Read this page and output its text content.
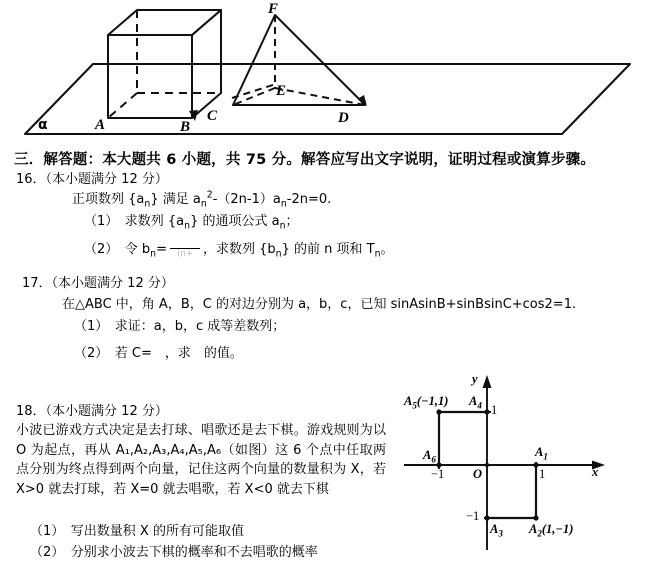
α	A	B
C	D
E
F
三．解答题：本大题共 6 小题，共 75 分。解答应写出文字说明，证明过程或演算步骤。
16．（本小题满分 12 分）
正项数列 $\{a_n\}$ 满足 $a_n^2-(2n-1)a_n-2n=0$.
（1）　求数列 $\{a_n\}$ 的通项公式 $a_n$；
（2）　令 $b_n=$	(n+ ，求数列 $\{b_n\}$ 的前 n 项和 $T_n$。
17．（本小题满分 12 分）
在△ABC 中，角 A，B，C 的对边分别为 a，b，c，已知 sinAsinB+sinBsinC+cos2=1.
（1）　求证：a，b，c 成等差数列；
（2）　若 C=　，求　的值。
18．（本小题满分 12 分）
小波已游戏方式决定是去打球、唱歌还是去下棋。游戏规则为以 O 为起点，再从 A₁,A₂,A₃,A₄,A₅,A₆（如图）这 6 个点中任取两点分别为终点得到两个向量，记住这两个向量的数量积为 X，若 X>0 就去打球，若 X=0 就去唱歌，若 X<0 就去下棋
（1）　写出数量积 X 的所有可能取值
（2）　分别求小波去下棋的概率和不去唱歌的概率
x
y
O
−1	1
1
−1
$A_5(-1,1)$ $A_4$
$A_6$
$A_1$
$A_3$ $A_2(1,-1)$
